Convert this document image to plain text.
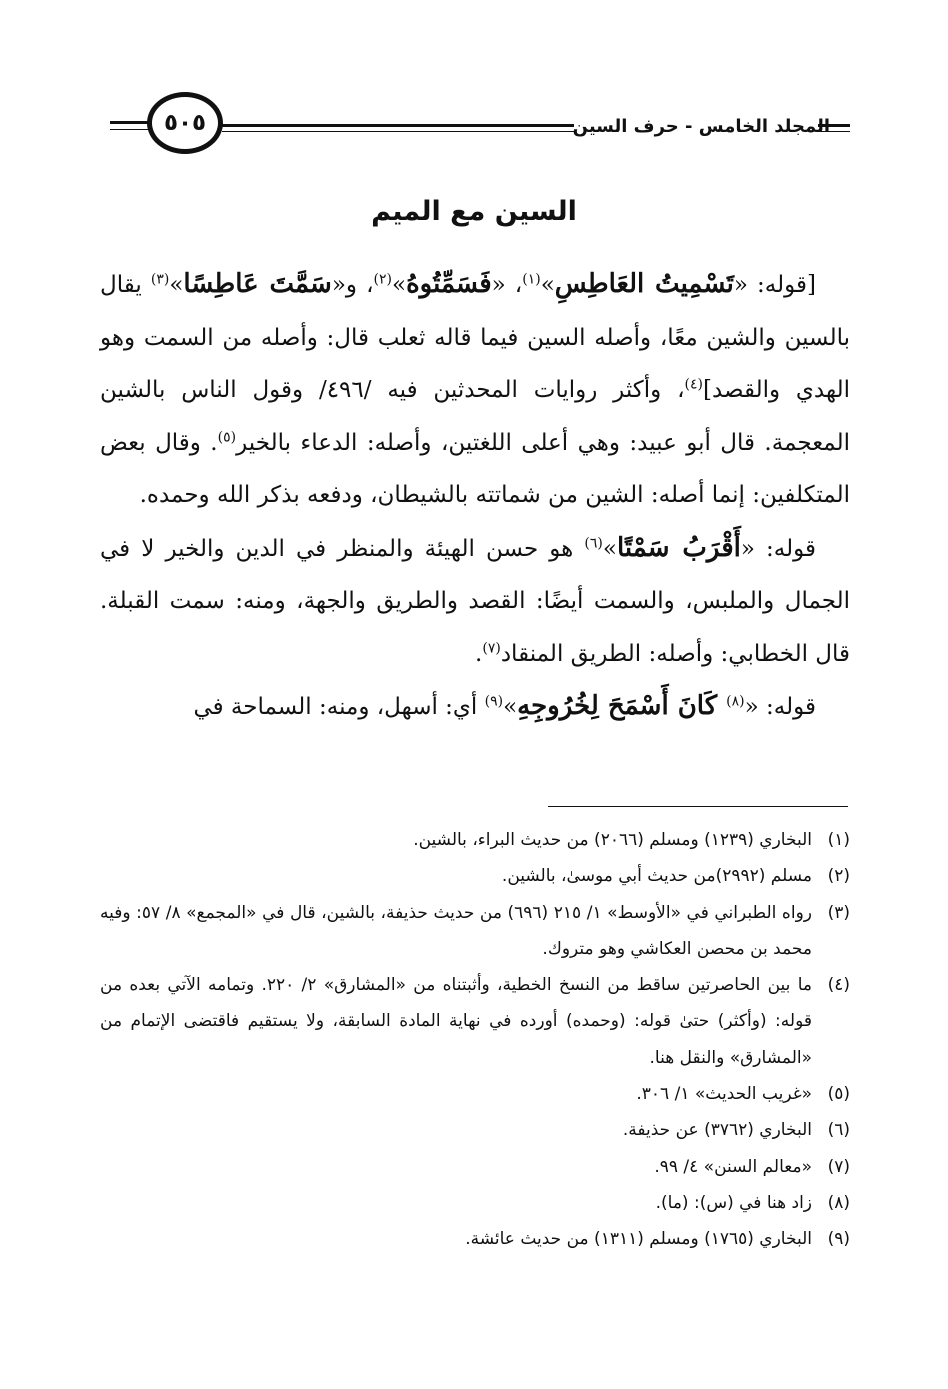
المجلد الخامس - حرف السين
٥٠٥
السين مع الميم

[قوله: «تَسْمِيتُ العَاطِسِ»$^{(١)}$، «فَسَمِّتُوهُ»$^{(٢)}$، و«سَمَّتَ عَاطِسًا»$^{(٣)}$ يقال بالسين والشين معًا، وأصله السين فيما قاله ثعلب قال: وأصله من السمت وهو الهدي والقصد]$^{(٤)}$، وأكثر روايات المحدثين فيه /٤٩٦/ وقول الناس بالشين المعجمة. قال أبو عبيد: وهي أعلى اللغتين، وأصله: الدعاء بالخير$^{(٥)}$. وقال بعض المتكلفين: إنما أصله: الشين من شماتته بالشيطان، ودفعه بذكر الله وحمده.

قوله: «أَقْرَبُ سَمْتًا»$^{(٦)}$ هو حسن الهيئة والمنظر في الدين والخير لا في الجمال والملبس، والسمت أيضًا: القصد والطريق والجهة، ومنه: سمت القبلة. قال الخطابي: وأصله: الطريق المنقاد$^{(٧)}$.

قوله: «$^{(٨)}$ كَانَ أَسْمَحَ لِخُرُوجِهِ»$^{(٩)}$ أي: أسهل، ومنه: السماحة في

(١)
البخاري (١٢٣٩) ومسلم (٢٠٦٦) من حديث البراء، بالشين.
(٢)
مسلم (٢٩٩٢)من حديث أبي موسىٰ، بالشين.
(٣)
رواه الطبراني في «الأوسط» ١/ ٢١٥ (٦٩٦) من حديث حذيفة، بالشين، قال في «المجمع» ٨/ ٥٧: وفيه محمد بن محصن العكاشي وهو متروك.
(٤)
ما بين الحاصرتين ساقط من النسخ الخطية، وأثبتناه من «المشارق» ٢/ ٢٢٠. وتمامه الآتي بعده من قوله: (وأكثر) حتىٰ قوله: (وحمده) أورده في نهاية المادة السابقة، ولا يستقيم فاقتضى الإتمام من «المشارق» والنقل هنا.
(٥)
«غريب الحديث» ١/ ٣٠٦.
(٦)
البخاري (٣٧٦٢) عن حذيفة.
(٧)
«معالم السنن» ٤/ ٩٩.
(٨)
زاد هنا في (س): (ما).
(٩)
البخاري (١٧٦٥) ومسلم (١٣١١) من حديث عائشة.
